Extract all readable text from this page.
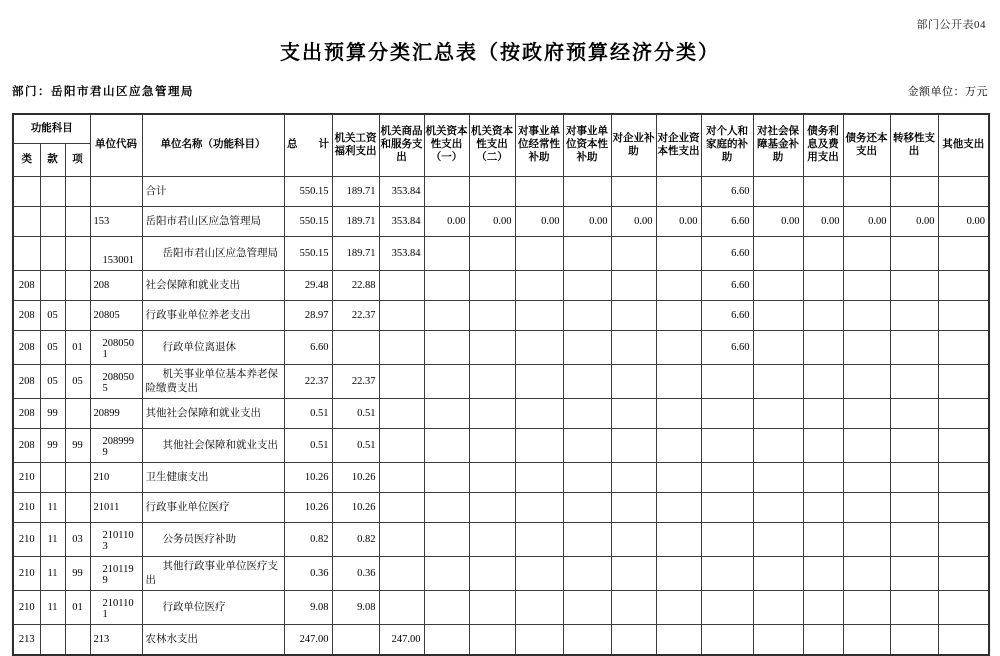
部门公开表04
支出预算分类汇总表（按政府预算经济分类）
部门：岳阳市君山区应急管理局	金额单位：万元
功能科目			单位代码	单位名称（功能科目）	总　　计	机关工资福利支出	机关商品和服务支出	机关资本性支出（一）	机关资本性支出（二）	对事业单位经常性补助	对事业单位资本性补助	对企业补助	对企业资本性支出	对个人和家庭的补助	对社会保障基金补助	债务利息及费用支出	债务还本支出	转移性支出	其他支出
类	款	项																	
				合计	550.15	189.71	353.84							6.60					
			153	岳阳市君山区应急管理局	550.15	189.71	353.84	0.00	0.00	0.00	0.00	0.00	0.00	6.60	0.00	0.00	0.00	0.00	0.00
			153001	岳阳市君山区应急管理局	550.15	189.71	353.84							6.60					
208			208	社会保障和就业支出	29.48	22.88								6.60					
208	05		20805	行政事业单位养老支出	28.97	22.37								6.60					
208	05	01	2080501	行政单位离退休	6.60									6.60					
208	05	05	2080505	机关事业单位基本养老保险缴费支出	22.37	22.37													
208	99		20899	其他社会保障和就业支出	0.51	0.51													
208	99	99	2089999	其他社会保障和就业支出	0.51	0.51													
210			210	卫生健康支出	10.26	10.26													
210	11		21011	行政事业单位医疗	10.26	10.26													
210	11	03	2101103	公务员医疗补助	0.82	0.82													
210	11	99	2101199	其他行政事业单位医疗支出	0.36	0.36													
210	11	01	2101101	行政单位医疗	9.08	9.08													
213			213	农林水支出	247.00		247.00												
